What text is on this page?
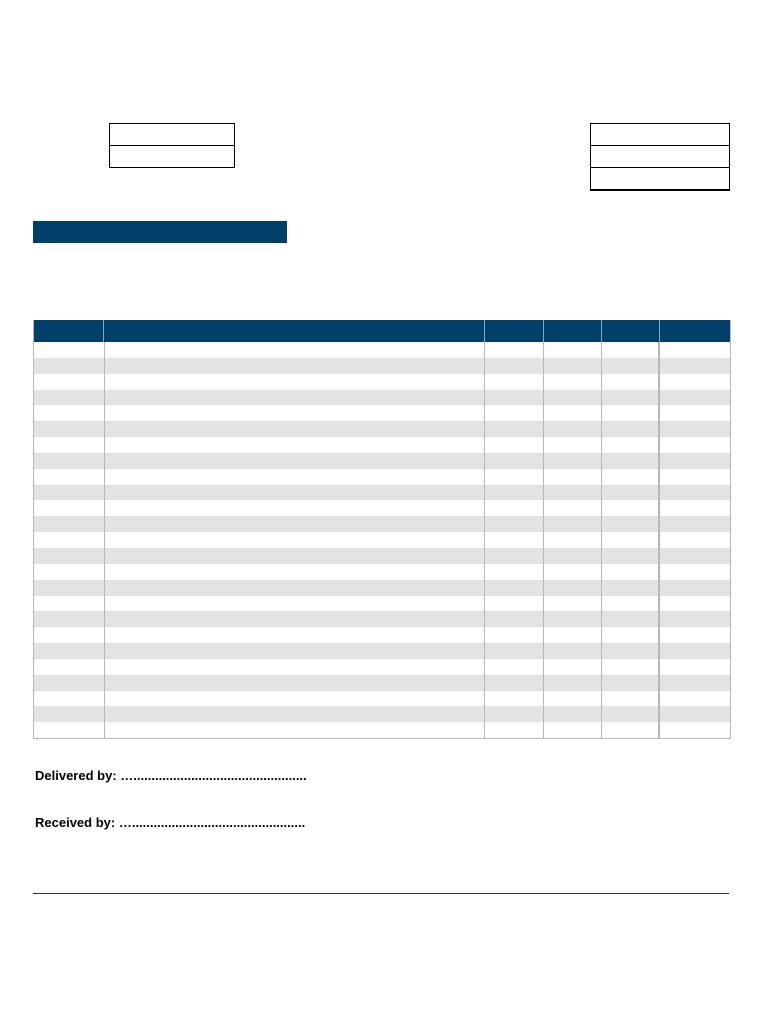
Delivered by: …................................................
Received by: …................................................
